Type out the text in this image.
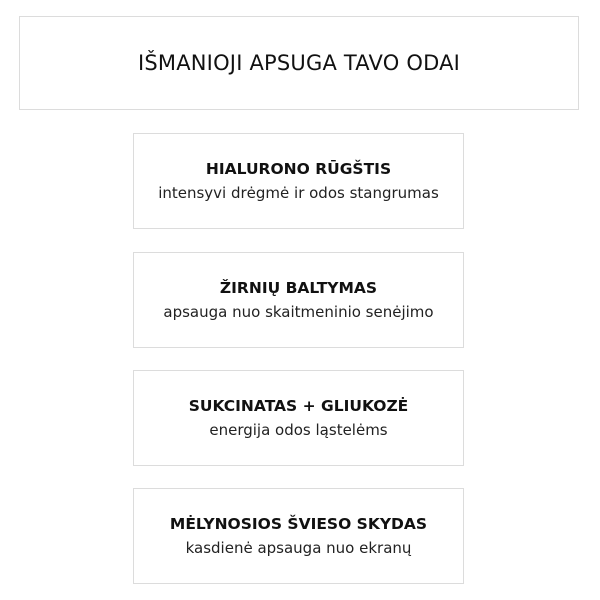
IŠMANIOJI APSUGA TAVO ODAI
HIALURONO RŪGŠTIS
intensyvi drėgmė ir odos stangrumas
ŽIRNIŲ BALTYMAS
apsauga nuo skaitmeninio senėjimo
SUKCINATAS + GLIUKOZĖ
energija odos ląstelėms
MĖLYNOSIOS ŠVIESO SKYDAS
kasdienė apsauga nuo ekranų
